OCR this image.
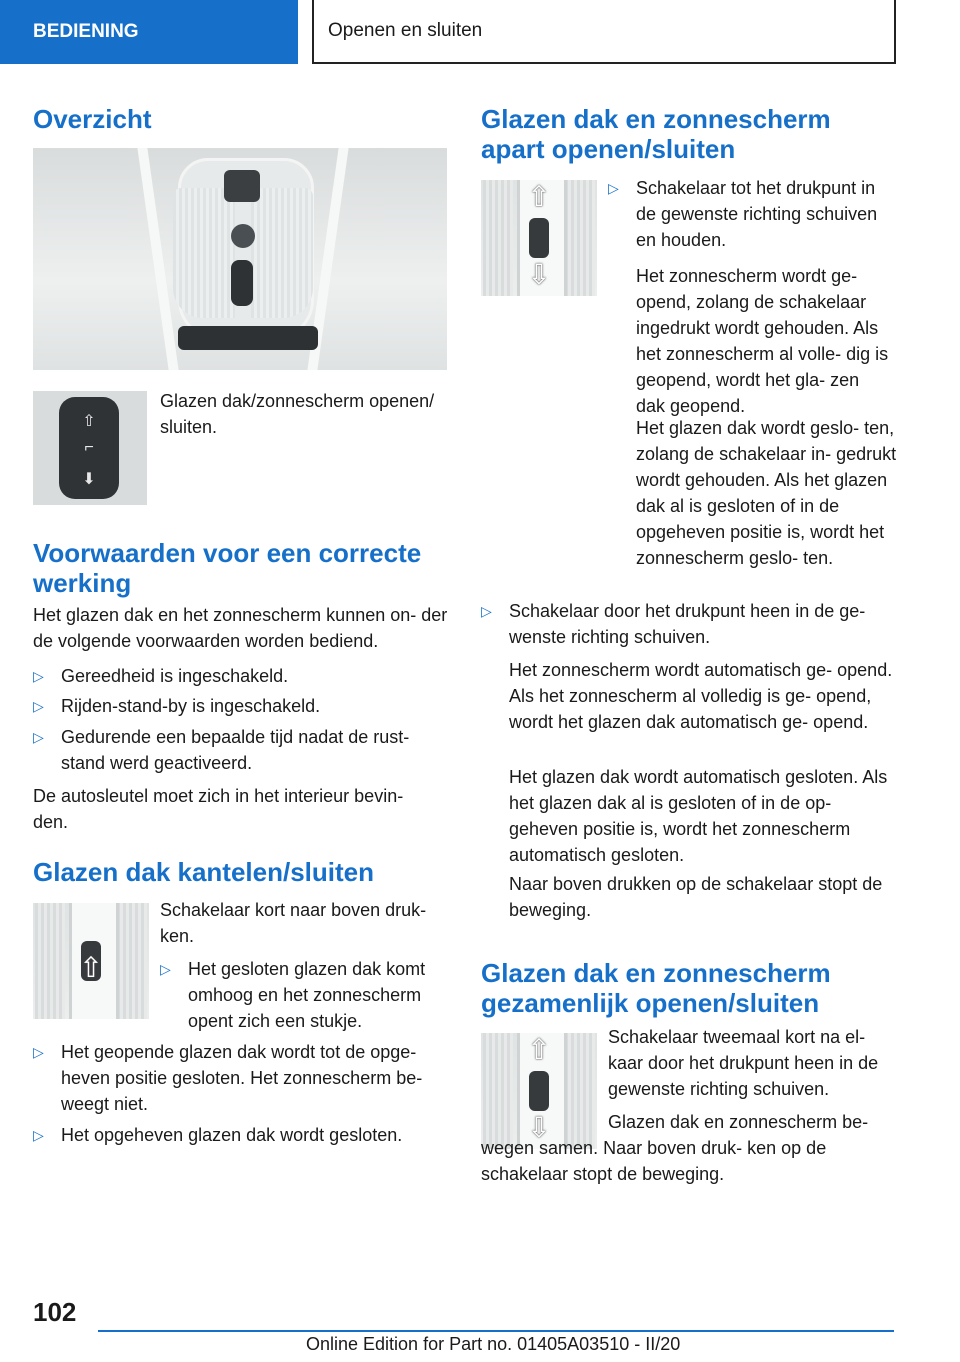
BEDIENING	Openen en sluiten
Overzicht
⇧
⌐
⬇

Glazen dak/zonnescherm openen/ sluiten.

Voorwaarden voor een correcte werking

Het glazen dak en het zonnescherm kunnen on- der de volgende voorwaarden worden bediend.

▷ Gereedheid is ingeschakeld.
▷ Rijden-stand-by is ingeschakeld.
▷ Gedurende een bepaalde tijd nadat de rust- stand werd geactiveerd.

De autosleutel moet zich in het interieur bevin- den.

Glazen dak kantelen/sluiten
⇧

Schakelaar kort naar boven druk- ken.

▷ Het gesloten glazen dak komt omhoog en het zonnescherm opent zich een stukje.
▷ Het geopende glazen dak wordt tot de opge- heven positie gesloten. Het zonnescherm be- weegt niet.
▷ Het opgeheven glazen dak wordt gesloten.
Glazen dak en zonnescherm apart openen/sluiten
⇧
⇩
▷ Schakelaar tot het drukpunt in de gewenste richting schuiven en houden.

Het zonnescherm wordt ge- opend, zolang de schakelaar ingedrukt wordt gehouden. Als het zonnescherm al volle- dig is geopend, wordt het gla- zen dak geopend.

Het glazen dak wordt geslo- ten, zolang de schakelaar in- gedrukt wordt gehouden. Als het glazen dak al is gesloten of in de opgeheven positie is, wordt het zonnescherm geslo- ten.

▷ Schakelaar door het drukpunt heen in de ge- wenste richting schuiven.

Het zonnescherm wordt automatisch ge- opend. Als het zonnescherm al volledig is ge- opend, wordt het glazen dak automatisch ge- opend.

Het glazen dak wordt automatisch gesloten. Als het glazen dak al is gesloten of in de op- geheven positie is, wordt het zonnescherm automatisch gesloten.

Naar boven drukken op de schakelaar stopt de beweging.

Glazen dak en zonnescherm gezamenlijk openen/sluiten
⇧
⇩

Schakelaar tweemaal kort na el- kaar door het drukpunt heen in de gewenste richting schuiven.

Glazen dak en zonnescherm be- wegen samen. Naar boven druk- ken op de schakelaar stopt de beweging.

102
Online Edition for Part no. 01405A03510 - II/20
